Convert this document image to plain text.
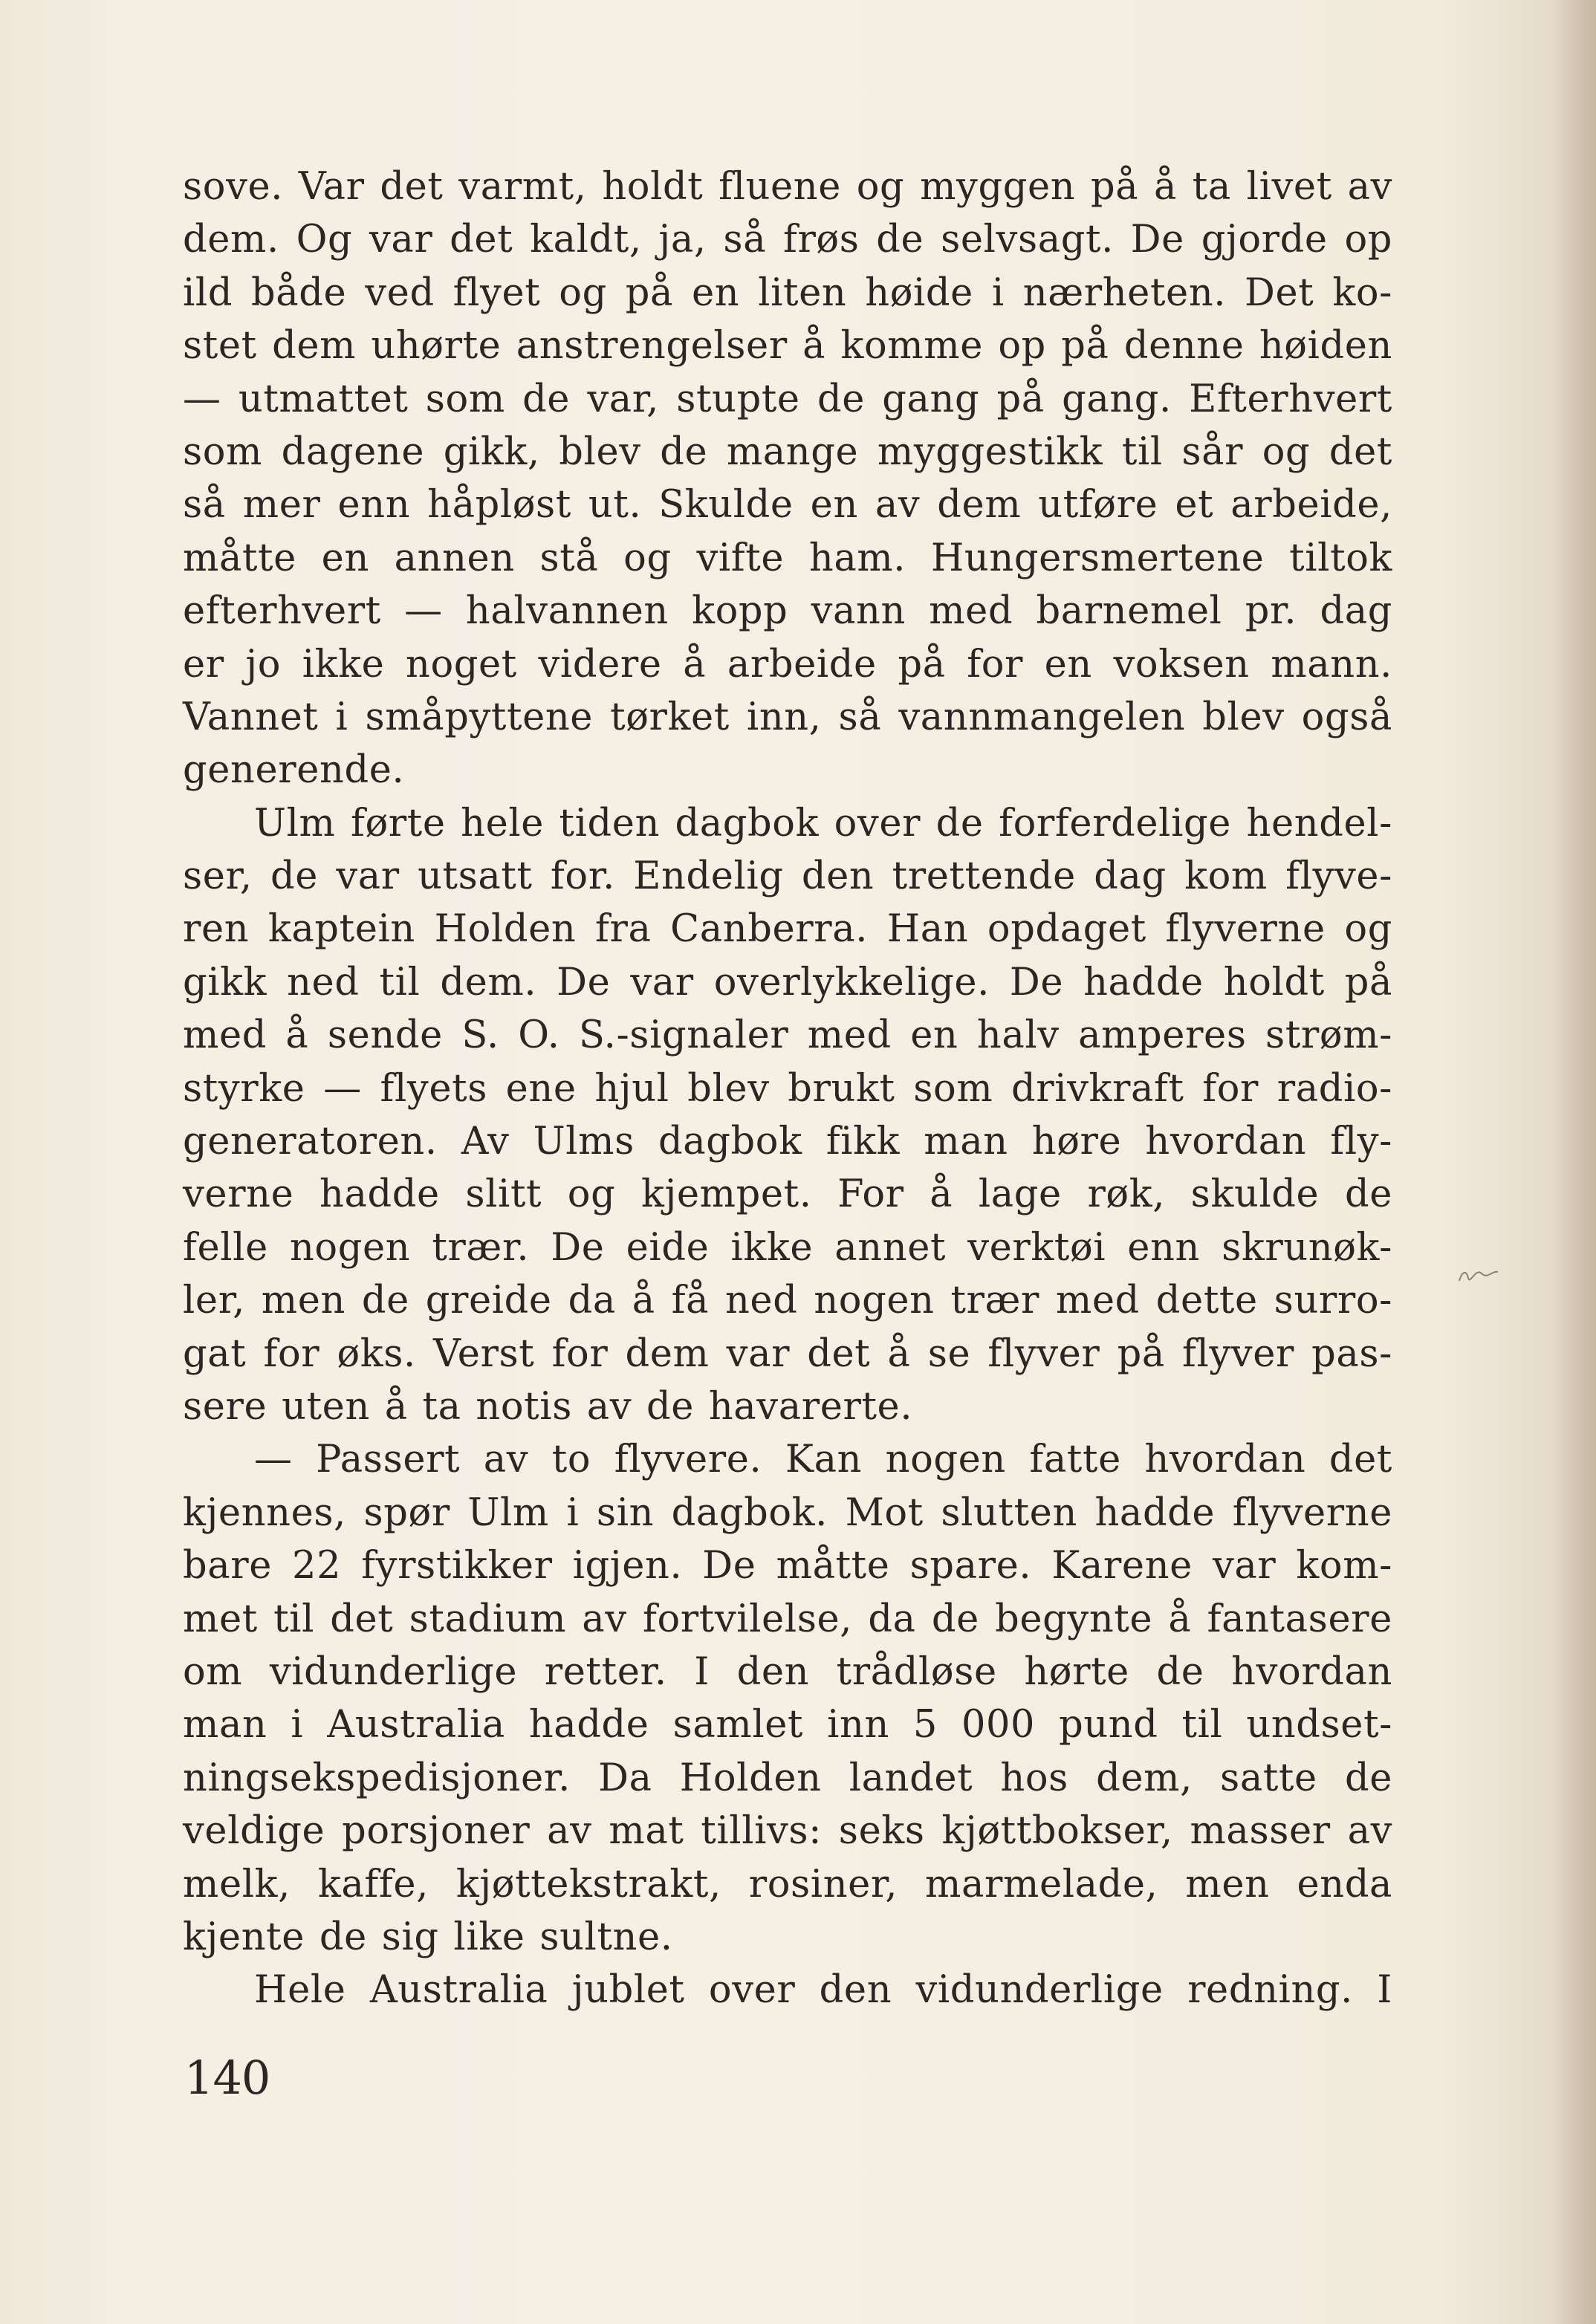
sove. Var det varmt, holdt fluene og myggen på å ta livet av
dem. Og var det kaldt, ja, så frøs de selvsagt. De gjorde op
ild både ved flyet og på en liten høide i nærheten. Det ko-
stet dem uhørte anstrengelser å komme op på denne høiden
— utmattet som de var, stupte de gang på gang. Efterhvert
som dagene gikk, blev de mange myggestikk til sår og det
så mer enn håpløst ut. Skulde en av dem utføre et arbeide,
måtte en annen stå og vifte ham. Hungersmertene tiltok
efterhvert — halvannen kopp vann med barnemel pr. dag
er jo ikke noget videre å arbeide på for en voksen mann.
Vannet i småpyttene tørket inn, så vannmangelen blev også
generende.
Ulm førte hele tiden dagbok over de forferdelige hendel-
ser, de var utsatt for. Endelig den trettende dag kom flyve-
ren kaptein Holden fra Canberra. Han opdaget flyverne og
gikk ned til dem. De var overlykkelige. De hadde holdt på
med å sende S. O. S.-signaler med en halv amperes strøm-
styrke — flyets ene hjul blev brukt som drivkraft for radio-
generatoren. Av Ulms dagbok fikk man høre hvordan fly-
verne hadde slitt og kjempet. For å lage røk, skulde de
felle nogen trær. De eide ikke annet verktøi enn skrunøk-
ler, men de greide da å få ned nogen trær med dette surro-
gat for øks. Verst for dem var det å se flyver på flyver pas-
sere uten å ta notis av de havarerte.
— Passert av to flyvere. Kan nogen fatte hvordan det
kjennes, spør Ulm i sin dagbok. Mot slutten hadde flyverne
bare 22 fyrstikker igjen. De måtte spare. Karene var kom-
met til det stadium av fortvilelse, da de begynte å fantasere
om vidunderlige retter. I den trådløse hørte de hvordan
man i Australia hadde samlet inn 5 000 pund til undset-
ningsekspedisjoner. Da Holden landet hos dem, satte de
veldige porsjoner av mat tillivs: seks kjøttbokser, masser av
melk, kaffe, kjøttekstrakt, rosiner, marmelade, men enda
kjente de sig like sultne.
Hele Australia jublet over den vidunderlige redning. I
140
